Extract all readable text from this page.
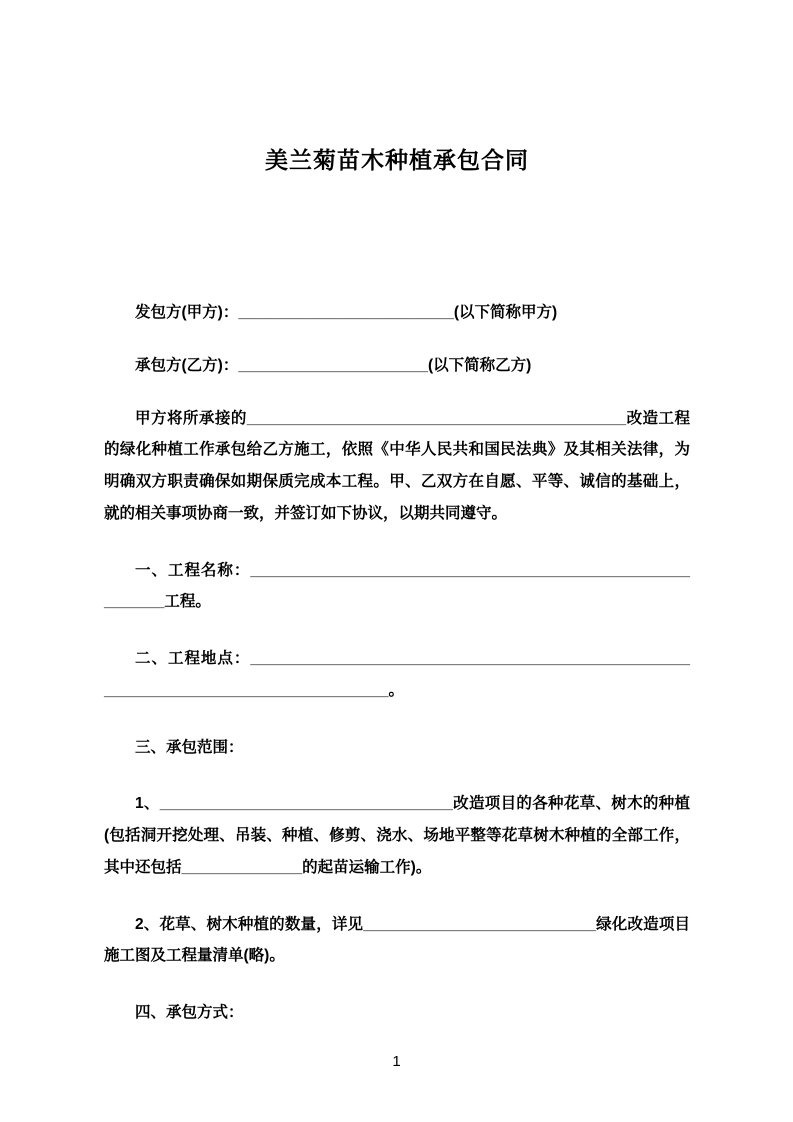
美兰菊苗木种植承包合同

发包方(甲方)：_________________________(以下简称甲方)

承包方(乙方)：______________________(以下简称乙方)

甲方将所承接的____________________________________________改造工程的绿化种植工作承包给乙方施工，依照《中华人民共和国民法典》及其相关法律，为明确双方职责确保如期保质完成本工程。甲、乙双方在自愿、平等、诚信的基础上，就的相关事项协商一致，并签订如下协议，以期共同遵守。

一、工程名称：__________________________________________________________工程。

二、工程地点：____________________________________________________________________________________。

三、承包范围：

1、__________________________________改造项目的各种花草、树木的种植(包括洞开挖处理、吊装、种植、修剪、浇水、场地平整等花草树木种植的全部工作，其中还包括______________的起苗运输工作)。

2、花草、树木种植的数量，详见___________________________绿化改造项目施工图及工程量清单(略)。

四、承包方式：

1
